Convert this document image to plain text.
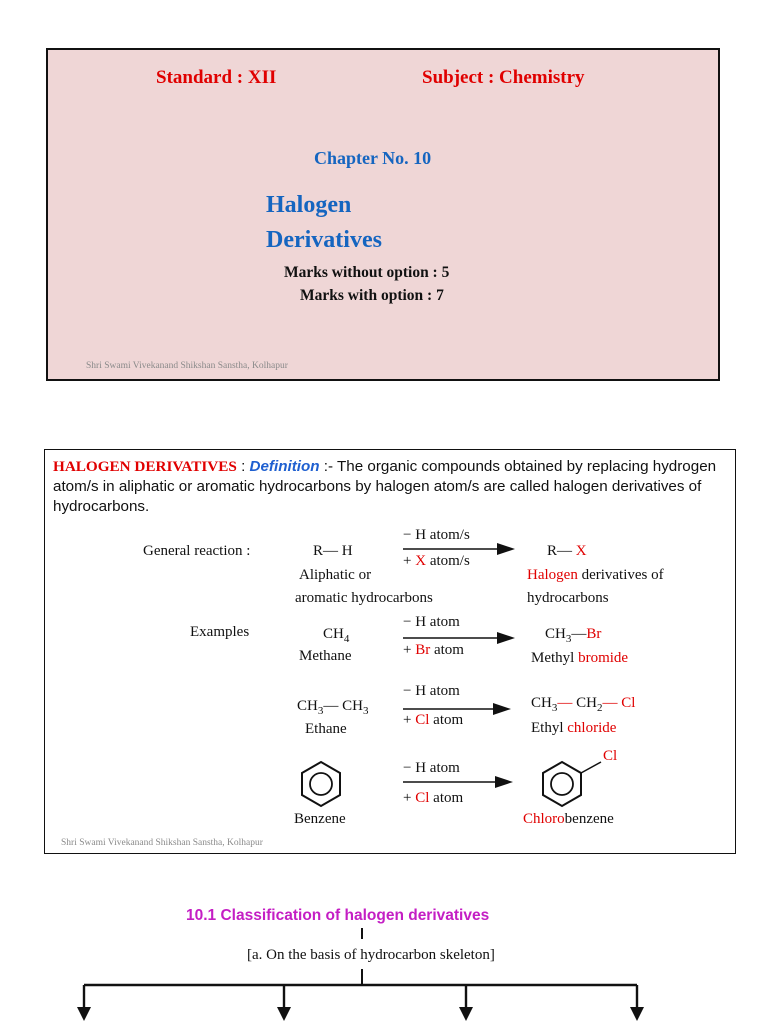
Standard : XII	Subject : Chemistry
Chapter No. 10
Halogen
Derivatives
Marks without option : 5
Marks with option : 7
Shri Swami Vivekanand Shikshan Sanstha, Kolhapur
HALOGEN DERIVATIVES : Definition :- The organic compounds obtained by replacing hydrogen atom/s in aliphatic or aromatic hydrocarbons by halogen atom/s are called halogen derivatives of hydrocarbons.
General reaction :	R— H
Aliphatic or
aromatic hydrocarbons
− H atom/s
+ X atom/s
R— X
Halogen derivatives of
hydrocarbons
Examples	$CH_4$
Methane
− H atom
+ Br atom
$CH_3—Br$
Methyl bromide
$CH_3—$ $CH_3$
Ethane
− H atom
+ Cl atom
$CH_3—$ $CH_2—$ Cl
Ethyl chloride
Benzene
− H atom
+ Cl atom
Cl
Chlorobenzene
Shri Swami Vivekanand Shikshan Sanstha, Kolhapur
10.1 Classification of halogen derivatives
[a. On the basis of hydrocarbon skeleton]
